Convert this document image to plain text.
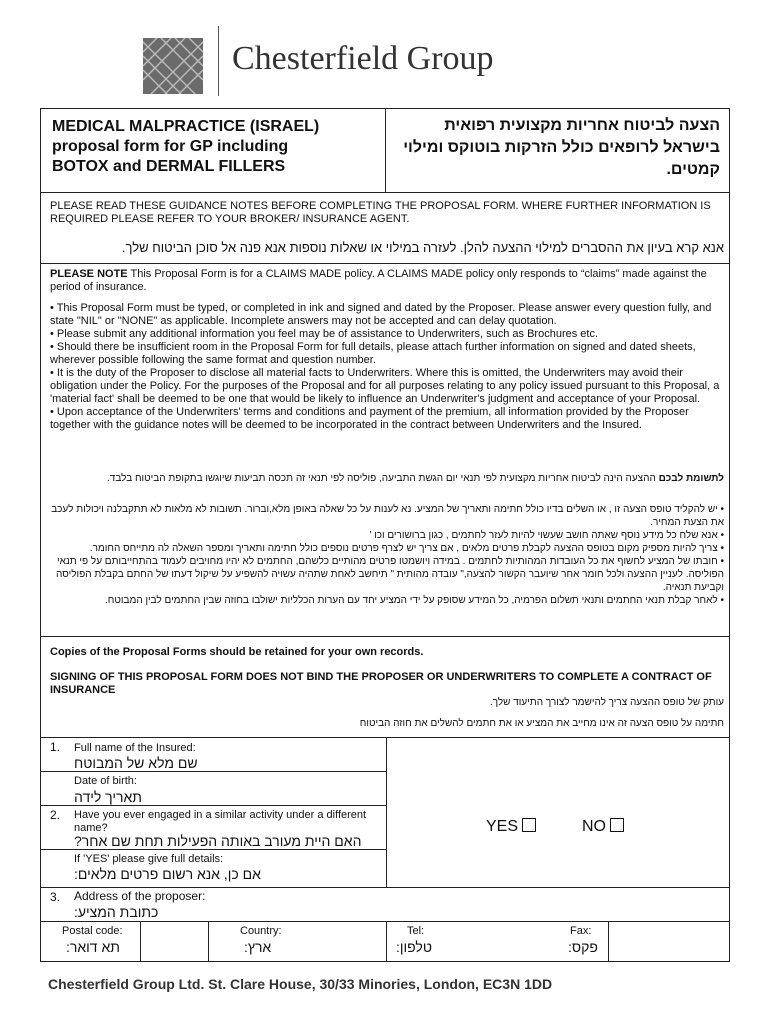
Chesterfield Group
MEDICAL MALPRACTICE (ISRAEL)
proposal form for GP including
BOTOX and DERMAL FILLERS
הצעה לביטוח אחריות מקצועית רפואית
בישראל לרופאים כולל הזרקות בוטוקס ומילוי
קמטים.
PLEASE READ THESE GUIDANCE NOTES BEFORE COMPLETING THE PROPOSAL FORM. WHERE FURTHER INFORMATION IS REQUIRED PLEASE REFER TO YOUR BROKER/ INSURANCE AGENT.
אנא קרא בעיון את ההסברים למילוי ההצעה להלן. לעזרה במילוי או שאלות נוספות אנא פנה אל סוכן הביטוח שלך.
PLEASE NOTE This Proposal Form is for a CLAIMS MADE policy. A CLAIMS MADE policy only responds to “claims” made against the period of insurance.
• This Proposal Form must be typed, or completed in ink and signed and dated by the Proposer. Please answer every question fully, and state "NIL" or "NONE" as applicable. Incomplete answers may not be accepted and can delay quotation.
• Please submit any additional information you feel may be of assistance to Underwriters, such as Brochures etc.
• Should there be insufficient room in the Proposal Form for full details, please attach further information on signed and dated sheets, wherever possible following the same format and question number.
• It is the duty of the Proposer to disclose all material facts to Underwriters. Where this is omitted, the Underwriters may avoid their obligation under the Policy. For the purposes of the Proposal and for all purposes relating to any policy issued pursuant to this Proposal, a 'material fact' shall be deemed to be one that would be likely to influence an Underwriter's judgment and acceptance of your Proposal.
• Upon acceptance of the Underwriters' terms and conditions and payment of the premium, all information provided by the Proposer together with the guidance notes will be deemed to be incorporated in the contract between Underwriters and the Insured.
לתשומת לבכם ההצעה הינה לביטוח אחריות מקצועית לפי תנאי יום הגשת התביעה, פוליסה לפי תנאי זה תכסה תביעות שיוגשו בתקופת הביטוח בלבד.
• יש להקליד טופס הצעה זו , או השלים בדיו כולל חתימה ותאריך של המציע. נא לענות על כל שאלה באופן מלא,וברור. תשובות לא מלאות לא תתקבלנה ויכולות לעכב את הצעת המחיר.
• אנא שלח כל מידע נוסף שאתה חושב שעשוי להיות לעזר לחתמים , כגון ברושורים וכו '
• צריך להיות מספיק מקום בטופס ההצעה לקבלת פרטים מלאים , אם צריך יש לצרף פרטים נוספים כולל חתימה ותאריך ומספר השאלה לה מתייחס החומר.
• חובתו של המציע לחשוף את כל העובדות המהותיות לחתמים . במידה ויושמטו פרטים מהותיים כלשהם, החתמים לא יהיו מחויבים לעמוד בהתחייבותם על פי תנאי הפוליסה. לעניין ההצעה ולכל חומר אחר שיועבר הקשור להצעה," עובדה מהותית " תיחשב לאחת שתהיה עשויה להשפיע על שיקול דעתו של החתם בקבלת הפוליסה וקביעת תנאיה.
• לאחר קבלת תנאי החתמים ותנאי תשלום הפרמיה, כל המידע שסופק על ידי המציע יחד עם הערות הכלליות ישולבו בחוזה שבין החתמים לבין המבוטח.
Copies of the Proposal Forms should be retained for your own records.
SIGNING OF THIS PROPOSAL FORM DOES NOT BIND THE PROPOSER OR UNDERWRITERS TO COMPLETE A CONTRACT OF INSURANCE
עותק של טופס ההצעה צריך להישמר לצורך התיעוד שלך.
חתימה על טופס הצעה זה אינו מחייב את המציע או את חתמים להשלים את חוזה הביטוח
1. Full name of the Insured:
שם מלא של המבוטח
Date of birth:
תאריך לידה
2. Have you ever engaged in a similar activity under a different name?
האם היית מעורב באותה הפעילות תחת שם אחר?
YES	NO
If 'YES' please give full details:
אם כן, אנא רשום פרטים מלאים:
3. Address of the proposer:
כתובת המציע:
Postal code:
תא דואר:
Country:
ארץ:
Tel:
טלפון:
Fax:
פקס:
Chesterfield Group Ltd. St. Clare House, 30/33 Minories, London, EC3N 1DD
